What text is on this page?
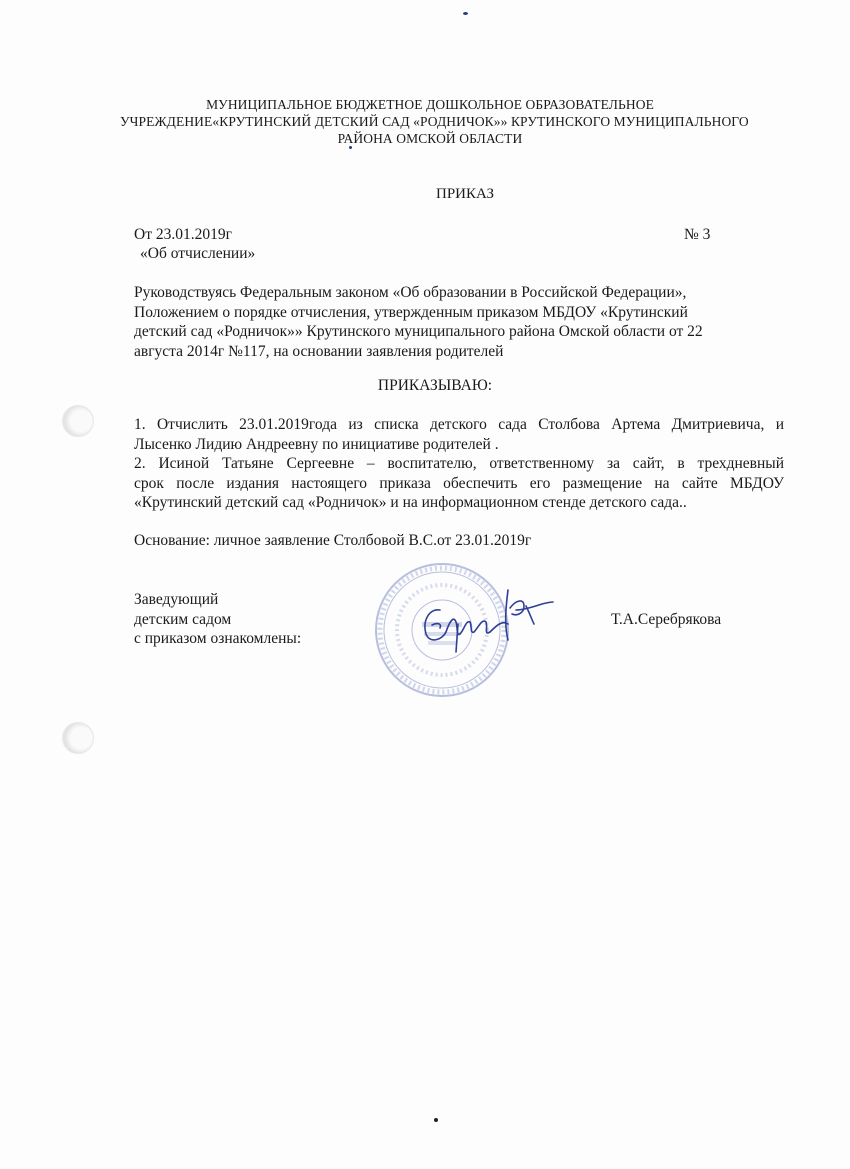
МУНИЦИПАЛЬНОЕ БЮДЖЕТНОЕ ДОШКОЛЬНОЕ ОБРАЗОВАТЕЛЬНОЕ
УЧРЕЖДЕНИЕ«КРУТИНСКИЙ ДЕТСКИЙ САД «РОДНИЧОК»» КРУТИНСКОГО МУНИЦИПАЛЬНОГО
РАЙОНА ОМСКОЙ ОБЛАСТИ
ПРИКАЗ
От 23.01.2019г	№ 3
«Об отчислении»
Руководствуясь Федеральным законом «Об образовании в Российской Федерации», Положением о порядке отчисления, утвержденным приказом МБДОУ «Крутинский детский сад «Родничок»» Крутинского муниципального района Омской области от 22 августа 2014г №117, на основании заявления родителей
ПРИКАЗЫВАЮ:

1. Отчислить 23.01.2019года из списка детского сада Столбова Артема Дмитриевича, и

Лысенко Лидию Андреевну по инициативе родителей .

2. Исиной Татьяне Сергеевне – воспитателю, ответственному за сайт, в трехдневный

срок после издания настоящего приказа обеспечить его размещение на сайте МБДОУ

«Крутинский детский сад «Родничок» и на информационном стенде детского сада..

Основание: личное заявление Столбовой В.С.от 23.01.2019г
Заведующий
детским садом
с приказом ознакомлены:
Т.А.Серебрякова
